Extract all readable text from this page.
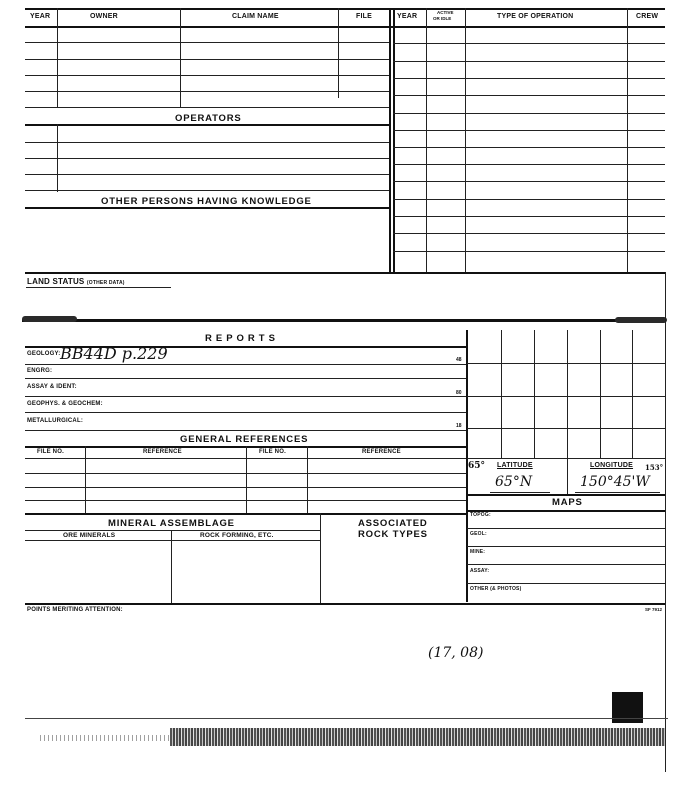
YEAR	OWNER	CLAIM NAME	FILE	YEAR
ACTIVE
OR IDLE	TYPE OF OPERATION	CREW
OPERATORS
OTHER PERSONS HAVING KNOWLEDGE
LAND STATUS (OTHER DATA)
REPORTS
GEOLOGY: BB44D p.229	48
ENGRG:
ASSAY & IDENT:
80
GEOPHYS. & GEOCHEM:
METALLURGICAL:
18
GENERAL REFERENCES
FILE NO.	REFERENCE	FILE NO.	REFERENCE
MINERAL ASSEMBLAGE	ASSOCIATED
ROCK TYPES
ORE MINERALS	ROCK FORMING, ETC.
65° LATITUDE	LONGITUDE 153°
65°N	150°45'W
MAPS
TOPOG:
GEOL:
MINE:
ASSAY:
OTHER (& PHOTOS)
POINTS MERITING ATTENTION:	SF 7912
(17, 08)
